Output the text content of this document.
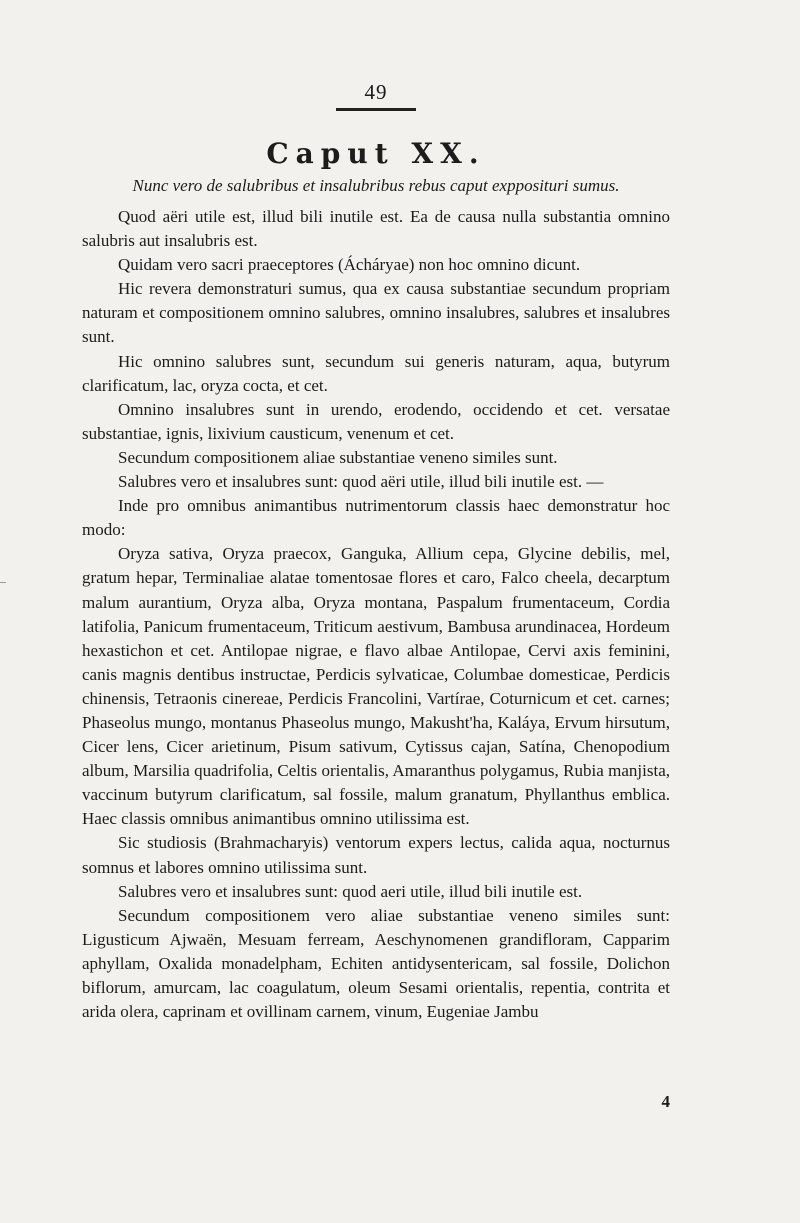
49
Caput XX.
Nunc vero de salubribus et insalubribus rebus caput expposituri sumus.

Quod aëri utile est, illud bili inutile est. Ea de causa nulla substantia omnino salubris aut insalubris est.

Quidam vero sacri praeceptores (Ácháryae) non hoc omnino dicunt.

Hic revera demonstraturi sumus, qua ex causa substantiae secundum propriam naturam et compositionem omnino salubres, omnino insalubres, salubres et insalubres sunt.

Hic omnino salubres sunt, secundum sui generis naturam, aqua, butyrum clarificatum, lac, oryza cocta, et cet.

Omnino insalubres sunt in urendo, erodendo, occidendo et cet. versatae substantiae, ignis, lixivium causticum, venenum et cet.

Secundum compositionem aliae substantiae veneno similes sunt.

Salubres vero et insalubres sunt: quod aëri utile, illud bili inutile est. —

Inde pro omnibus animantibus nutrimentorum classis haec demonstratur hoc modo:

Oryza sativa, Oryza praecox, Ganguka, Allium cepa, Glycine debilis, mel, gratum hepar, Terminaliae alatae tomentosae flores et caro, Falco cheela, decarptum malum aurantium, Oryza alba, Oryza montana, Paspalum frumentaceum, Cordia latifolia, Panicum frumentaceum, Triticum aestivum, Bambusa arundinacea, Hordeum hexastichon et cet. Antilopae nigrae, e flavo albae Antilopae, Cervi axis feminini, canis magnis dentibus instructae, Perdicis sylvaticae, Columbae domesticae, Perdicis chinensis, Tetraonis cinereae, Perdicis Francolini, Vartírae, Coturnicum et cet. carnes; Phaseolus mungo, montanus Phaseolus mungo, Makusht'ha, Kaláya, Ervum hirsutum, Cicer lens, Cicer arietinum, Pisum sativum, Cytissus cajan, Satína, Chenopodium album, Marsilia quadrifolia, Celtis orientalis, Amaranthus polygamus, Rubia manjista, vaccinum butyrum clarificatum, sal fossile, malum granatum, Phyllanthus emblica. Haec classis omnibus animantibus omnino utilissima est.

Sic studiosis (Brahmacharyis) ventorum expers lectus, calida aqua, nocturnus somnus et labores omnino utilissima sunt.

Salubres vero et insalubres sunt: quod aeri utile, illud bili inutile est.

Secundum compositionem vero aliae substantiae veneno similes sunt: Ligusticum Ajwaën, Mesuam ferream, Aeschynomenen grandifloram, Capparim aphyllam, Oxalida monadelpham, Echiten antidysentericam, sal fossile, Dolichon biflorum, amurcam, lac coagulatum, oleum Sesami orientalis, repentia, contrita et arida olera, caprinam et ovillinam carnem, vinum, Eugeniae Jambu

4
